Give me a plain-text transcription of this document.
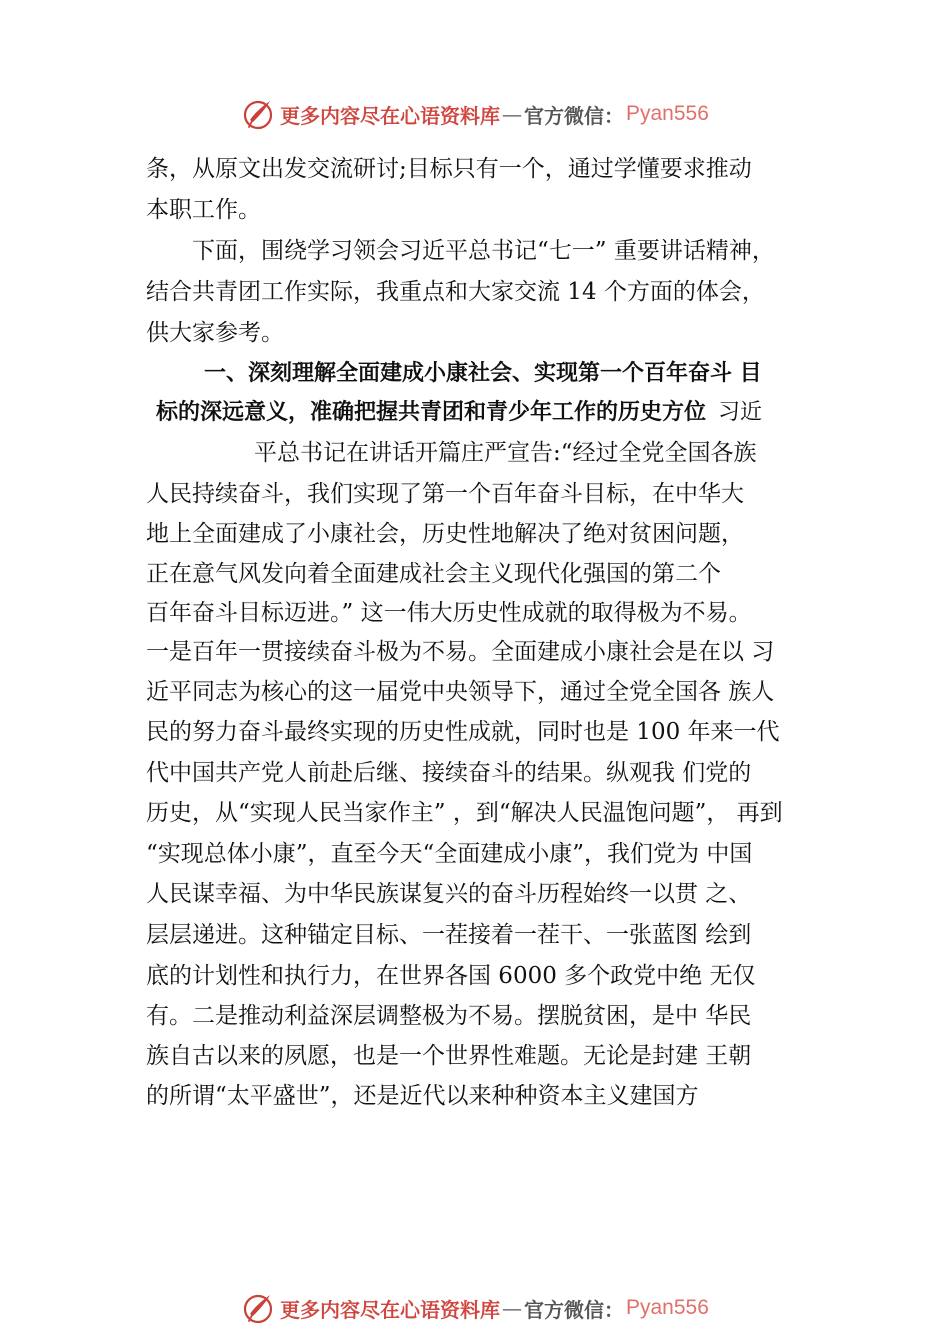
更多内容尽在心语资料库 — 官方微信： Pyan556
条，从原文出发交流研讨;目标只有一个，通过学懂要求推动
本职工作。
下面，围绕学习领会习近平总书记“七一” 重要讲话精神，
结合共青团工作实际，我重点和大家交流 14 个方面的体会，
供大家参考。
一、深刻理解全面建成小康社会、实现第一个百年奋斗 目
标的深远意义，准确把握共青团和青少年工作的历史方位 习近
平总书记在讲话开篇庄严宣告:“经过全党全国各族
人民持续奋斗，我们实现了第一个百年奋斗目标，在中华大
地上全面建成了小康社会，历史性地解决了绝对贫困问题，
正在意气风发向着全面建成社会主义现代化强国的第二个
百年奋斗目标迈进。” 这一伟大历史性成就的取得极为不易。
一是百年一贯接续奋斗极为不易。全面建成小康社会是在以 习
近平同志为核心的这一届党中央领导下，通过全党全国各 族人
民的努力奋斗最终实现的历史性成就，同时也是 100 年来一代
代中国共产党人前赴后继、接续奋斗的结果。纵观我 们党的
历史，从“实现人民当家作主” ，到“解决人民温饱问题”， 再到
“实现总体小康”，直至今天“全面建成小康”，我们党为 中国
人民谋幸福、为中华民族谋复兴的奋斗历程始终一以贯 之、
层层递进。这种锚定目标、一茬接着一茬干、一张蓝图 绘到
底的计划性和执行力，在世界各国 6000 多个政党中绝 无仅
有。二是推动利益深层调整极为不易。摆脱贫困，是中 华民
族自古以来的夙愿，也是一个世界性难题。无论是封建 王朝
的所谓“太平盛世”，还是近代以来种种资本主义建国方
更多内容尽在心语资料库 — 官方微信： Pyan556
